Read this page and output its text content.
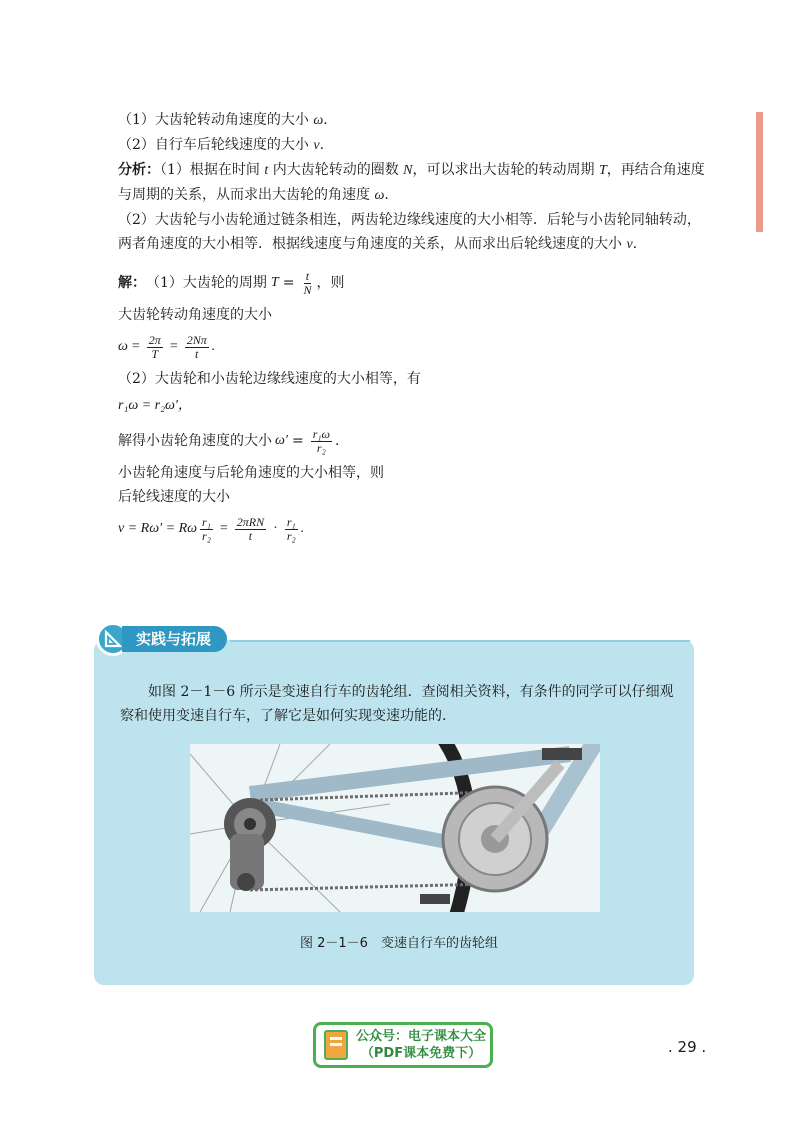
（1）大齿轮转动角速度的大小 ω.
（2）自行车后轮线速度的大小 v.
分析：（1）根据在时间 t 内大齿轮转动的圈数 N，可以求出大齿轮的转动周期 T，再结合角速度与周期的关系，从而求出大齿轮的角速度 ω.
（2）大齿轮与小齿轮通过链条相连，两齿轮边缘线速度的大小相等．后轮与小齿轮同轴转动，两者角速度的大小相等．根据线速度与角速度的关系，从而求出后轮线速度的大小 v.
解： （1）大齿轮的周期 $T = \frac{t}{N}$ ，则
大齿轮转动角速度的大小
$\omega = \frac{2\pi}{T} = \frac{2N\pi}{t}$ .
（2）大齿轮和小齿轮边缘线速度的大小相等，有
r₁ω = r₂ω′，
解得小齿轮角速度的大小 $\omega' = \frac{\text{r₁ω}}{\text{r₂}}$ .
小齿轮角速度与后轮角速度的大小相等，则
后轮线速度的大小
v = Rω′ = Rω $\frac{\text{r₁}}{\text{r₂}} = \frac{\text{2πRN}}{t} \cdot \frac{\text{r₁}}{\text{r₂}}$ .
实践与拓展
如图 2－1－6 所示是变速自行车的齿轮组．查阅相关资料，有条件的同学可以仔细观察和使用变速自行车，了解它是如何实现变速功能的.
图 2－1－6　变速自行车的齿轮组
公众号：电子课本大全
（PDF课本免费下）	. 29 .
